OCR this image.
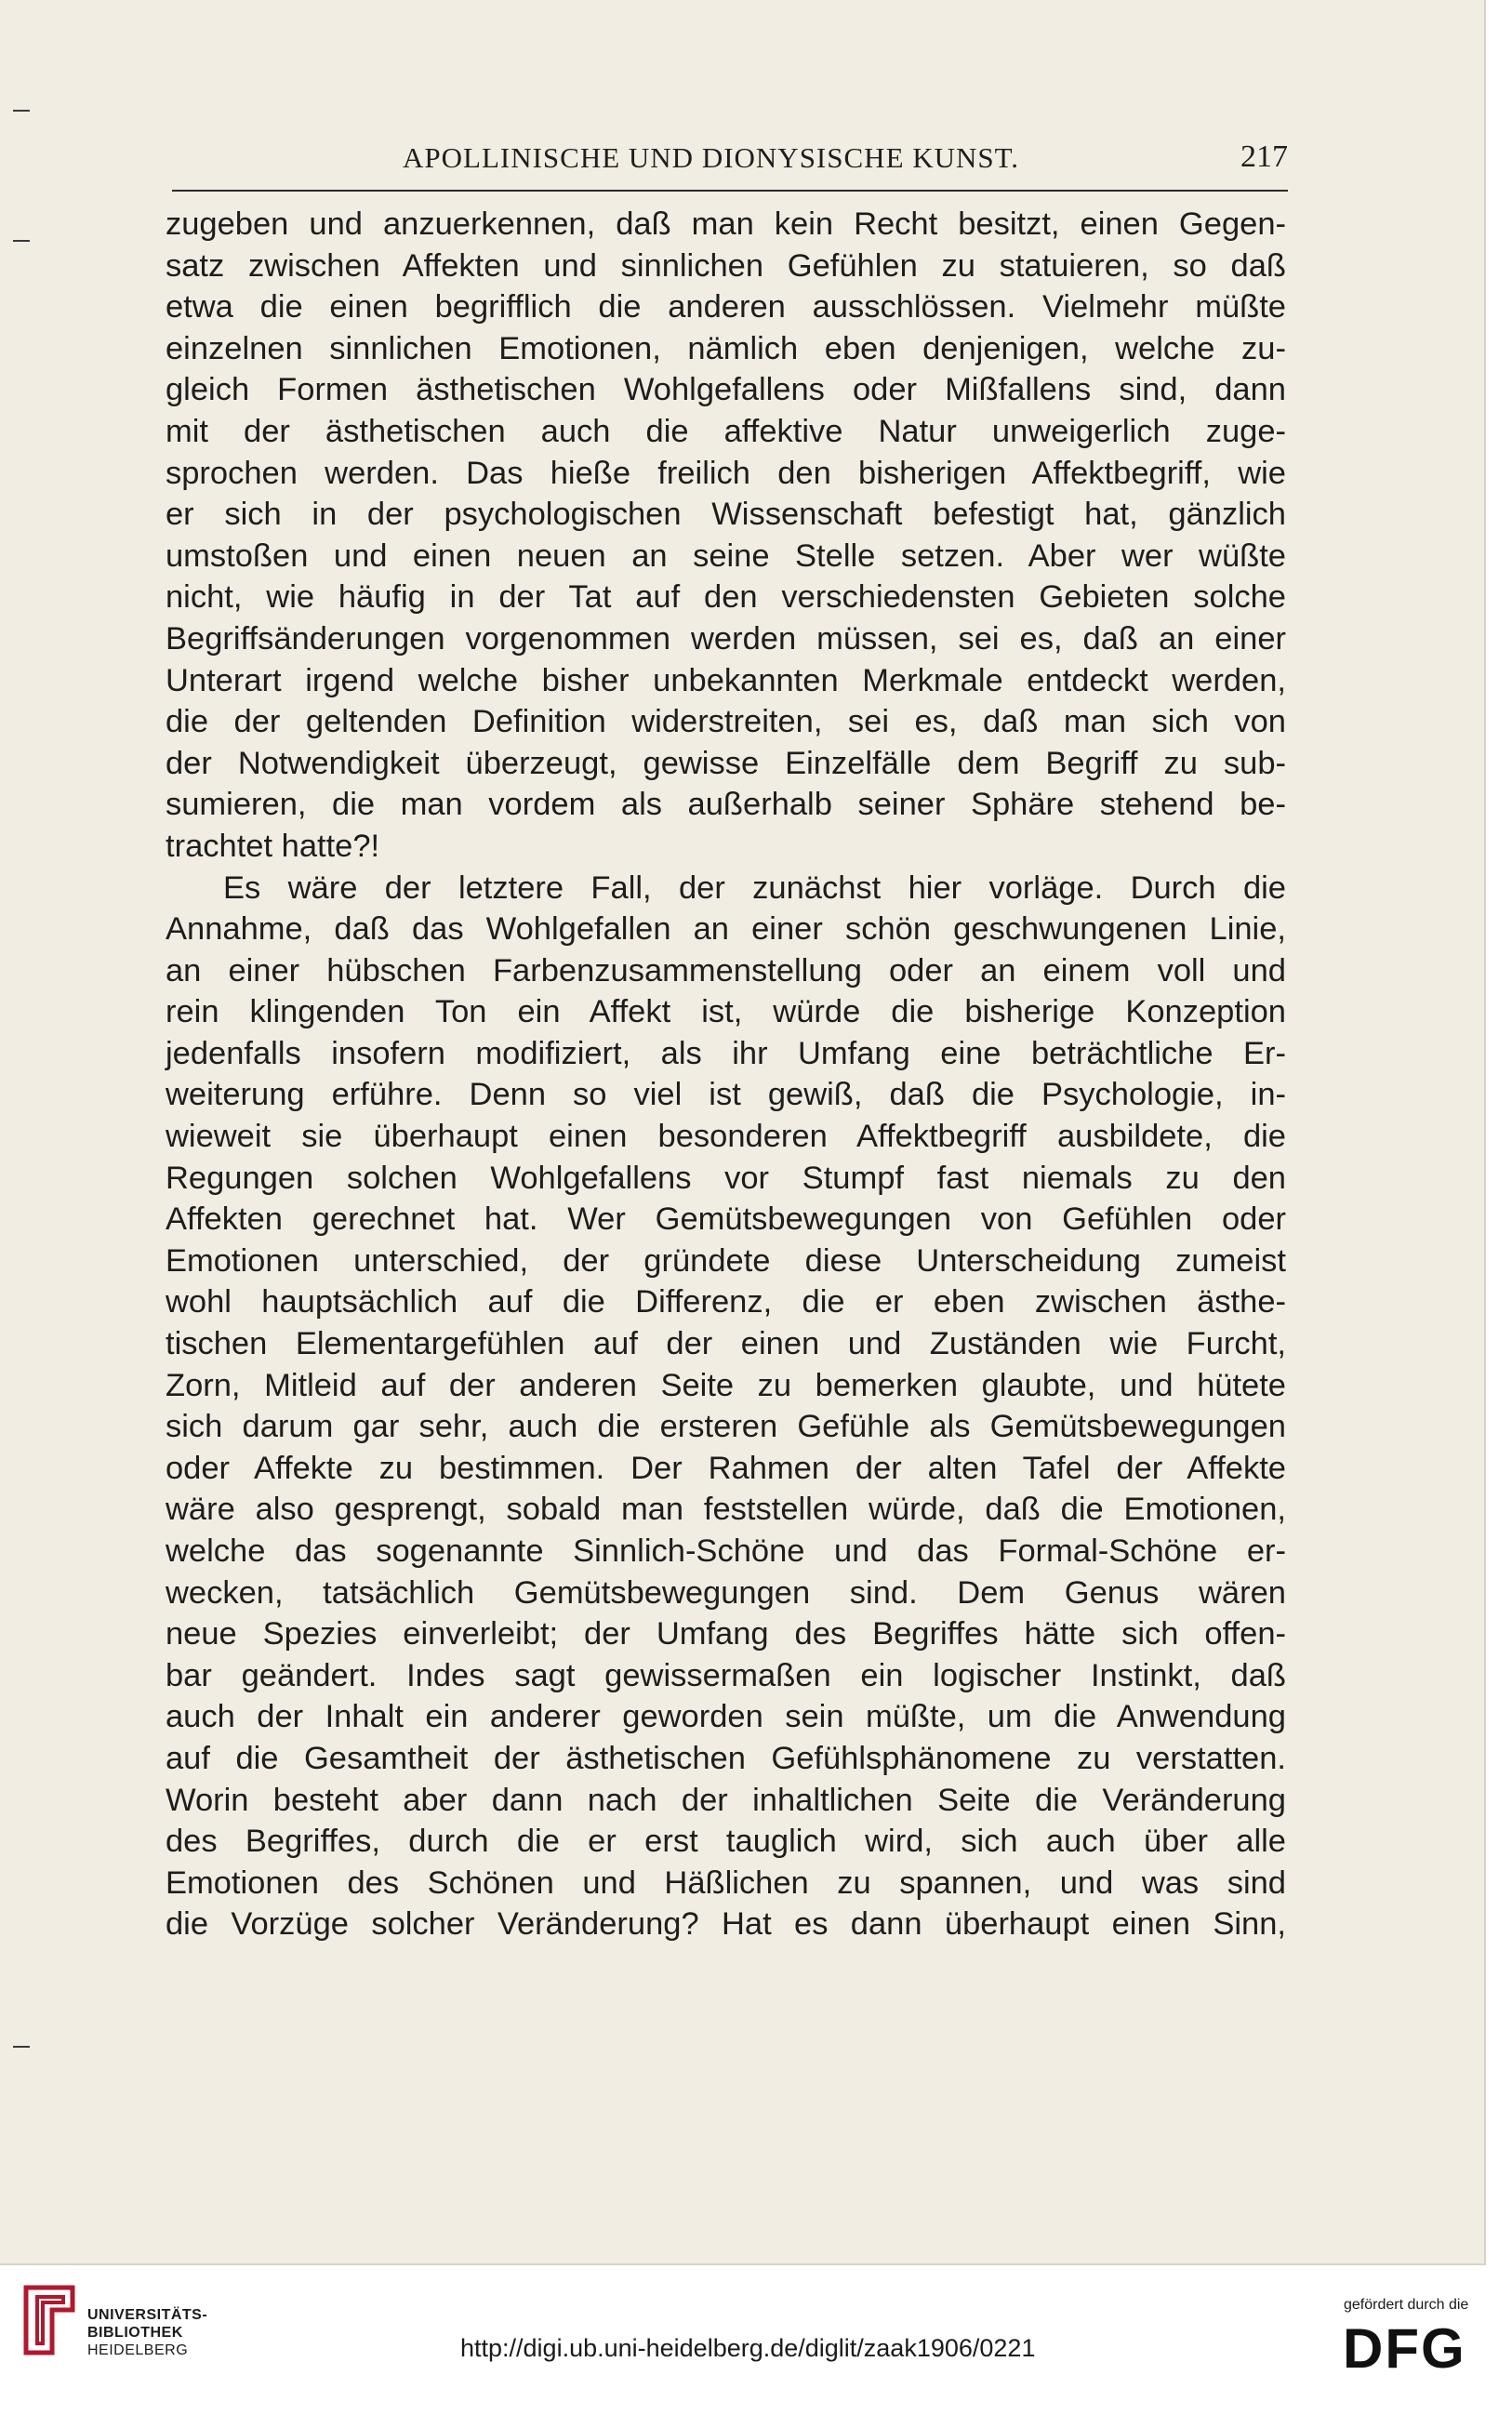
APOLLINISCHE UND DIONYSISCHE KUNST.	217
zugeben und anzuerkennen, daß man kein Recht besitzt, einen Gegen-
satz zwischen Affekten und sinnlichen Gefühlen zu statuieren, so daß
etwa die einen begrifflich die anderen ausschlössen. Vielmehr müßte
einzelnen sinnlichen Emotionen, nämlich eben denjenigen, welche zu-
gleich Formen ästhetischen Wohlgefallens oder Mißfallens sind, dann
mit der ästhetischen auch die affektive Natur unweigerlich zuge-
sprochen werden. Das hieße freilich den bisherigen Affektbegriff, wie
er sich in der psychologischen Wissenschaft befestigt hat, gänzlich
umstoßen und einen neuen an seine Stelle setzen. Aber wer wüßte
nicht, wie häufig in der Tat auf den verschiedensten Gebieten solche
Begriffsänderungen vorgenommen werden müssen, sei es, daß an einer
Unterart irgend welche bisher unbekannten Merkmale entdeckt werden,
die der geltenden Definition widerstreiten, sei es, daß man sich von
der Notwendigkeit überzeugt, gewisse Einzelfälle dem Begriff zu sub-
sumieren, die man vordem als außerhalb seiner Sphäre stehend be-
trachtet hatte?!
Es wäre der letztere Fall, der zunächst hier vorläge. Durch die
Annahme, daß das Wohlgefallen an einer schön geschwungenen Linie,
an einer hübschen Farbenzusammenstellung oder an einem voll und
rein klingenden Ton ein Affekt ist, würde die bisherige Konzeption
jedenfalls insofern modifiziert, als ihr Umfang eine beträchtliche Er-
weiterung erführe. Denn so viel ist gewiß, daß die Psychologie, in-
wieweit sie überhaupt einen besonderen Affektbegriff ausbildete, die
Regungen solchen Wohlgefallens vor Stumpf fast niemals zu den
Affekten gerechnet hat. Wer Gemütsbewegungen von Gefühlen oder
Emotionen unterschied, der gründete diese Unterscheidung zumeist
wohl hauptsächlich auf die Differenz, die er eben zwischen ästhe-
tischen Elementargefühlen auf der einen und Zuständen wie Furcht,
Zorn, Mitleid auf der anderen Seite zu bemerken glaubte, und hütete
sich darum gar sehr, auch die ersteren Gefühle als Gemütsbewegungen
oder Affekte zu bestimmen. Der Rahmen der alten Tafel der Affekte
wäre also gesprengt, sobald man feststellen würde, daß die Emotionen,
welche das sogenannte Sinnlich-Schöne und das Formal-Schöne er-
wecken, tatsächlich Gemütsbewegungen sind. Dem Genus wären
neue Spezies einverleibt; der Umfang des Begriffes hätte sich offen-
bar geändert. Indes sagt gewissermaßen ein logischer Instinkt, daß
auch der Inhalt ein anderer geworden sein müßte, um die Anwendung
auf die Gesamtheit der ästhetischen Gefühlsphänomene zu verstatten.
Worin besteht aber dann nach der inhaltlichen Seite die Veränderung
des Begriffes, durch die er erst tauglich wird, sich auch über alle
Emotionen des Schönen und Häßlichen zu spannen, und was sind
die Vorzüge solcher Veränderung? Hat es dann überhaupt einen Sinn,
UNIVERSITÄTS-
BIBLIOTHEK
HEIDELBERG	http://digi.ub.uni-heidelberg.de/diglit/zaak1906/0221
gefördert durch die
DFG
